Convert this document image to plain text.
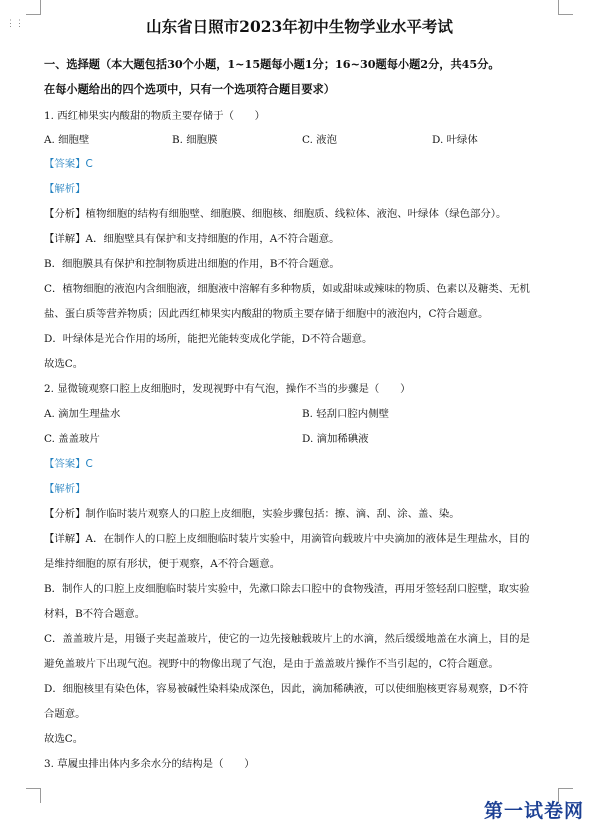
⋮⋮	山东省日照市2023年初中生物学业水平考试
一、选择题（本大题包括30个小题，1~15题每小题1分；16~30题每小题2分，共45分。
在每小题给出的四个选项中，只有一个选项符合题目要求）
1. 西红柿果实内酸甜的物质主要存储于（　　）
A. 细胞壁	B. 细胞膜	C. 液泡	D. 叶绿体
【答案】C
【解析】
【分析】植物细胞的结构有细胞壁、细胞膜、细胞核、细胞质、线粒体、液泡、叶绿体（绿色部分）。
【详解】A．细胞壁具有保护和支持细胞的作用，A不符合题意。
B．细胞膜具有保护和控制物质进出细胞的作用，B不符合题意。
C．植物细胞的液泡内含细胞液，细胞液中溶解有多种物质，如或甜味或辣味的物质、色素以及糖类、无机
盐、蛋白质等营养物质；因此西红柿果实内酸甜的物质主要存储于细胞中的液泡内，C符合题意。
D．叶绿体是光合作用的场所，能把光能转变成化学能，D不符合题意。
故选C。
2. 显微镜观察口腔上皮细胞时，发现视野中有气泡，操作不当的步骤是（　　）
A. 滴加生理盐水	B. 轻刮口腔内侧壁
C. 盖盖玻片	D. 滴加稀碘液
【答案】C
【解析】
【分析】制作临时装片观察人的口腔上皮细胞，实验步骤包括：擦、滴、刮、涂、盖、染。
【详解】A．在制作人的口腔上皮细胞临时装片实验中，用滴管向载玻片中央滴加的液体是生理盐水，目的
是维持细胞的原有形状，便于观察，A不符合题意。
B．制作人的口腔上皮细胞临时装片实验中，先漱口除去口腔中的食物残渣，再用牙签轻刮口腔壁，取实验
材料，B不符合题意。
C．盖盖玻片是，用镊子夹起盖玻片，使它的一边先接触载玻片上的水滴，然后缓缓地盖在水滴上，目的是
避免盖玻片下出现气泡。视野中的物像出现了气泡，是由于盖盖玻片操作不当引起的，C符合题意。
D．细胞核里有染色体，容易被碱性染料染成深色，因此，滴加稀碘液，可以使细胞核更容易观察，D不符
合题意。
故选C。
3. 草履虫排出体内多余水分的结构是（　　）
第一试卷网
